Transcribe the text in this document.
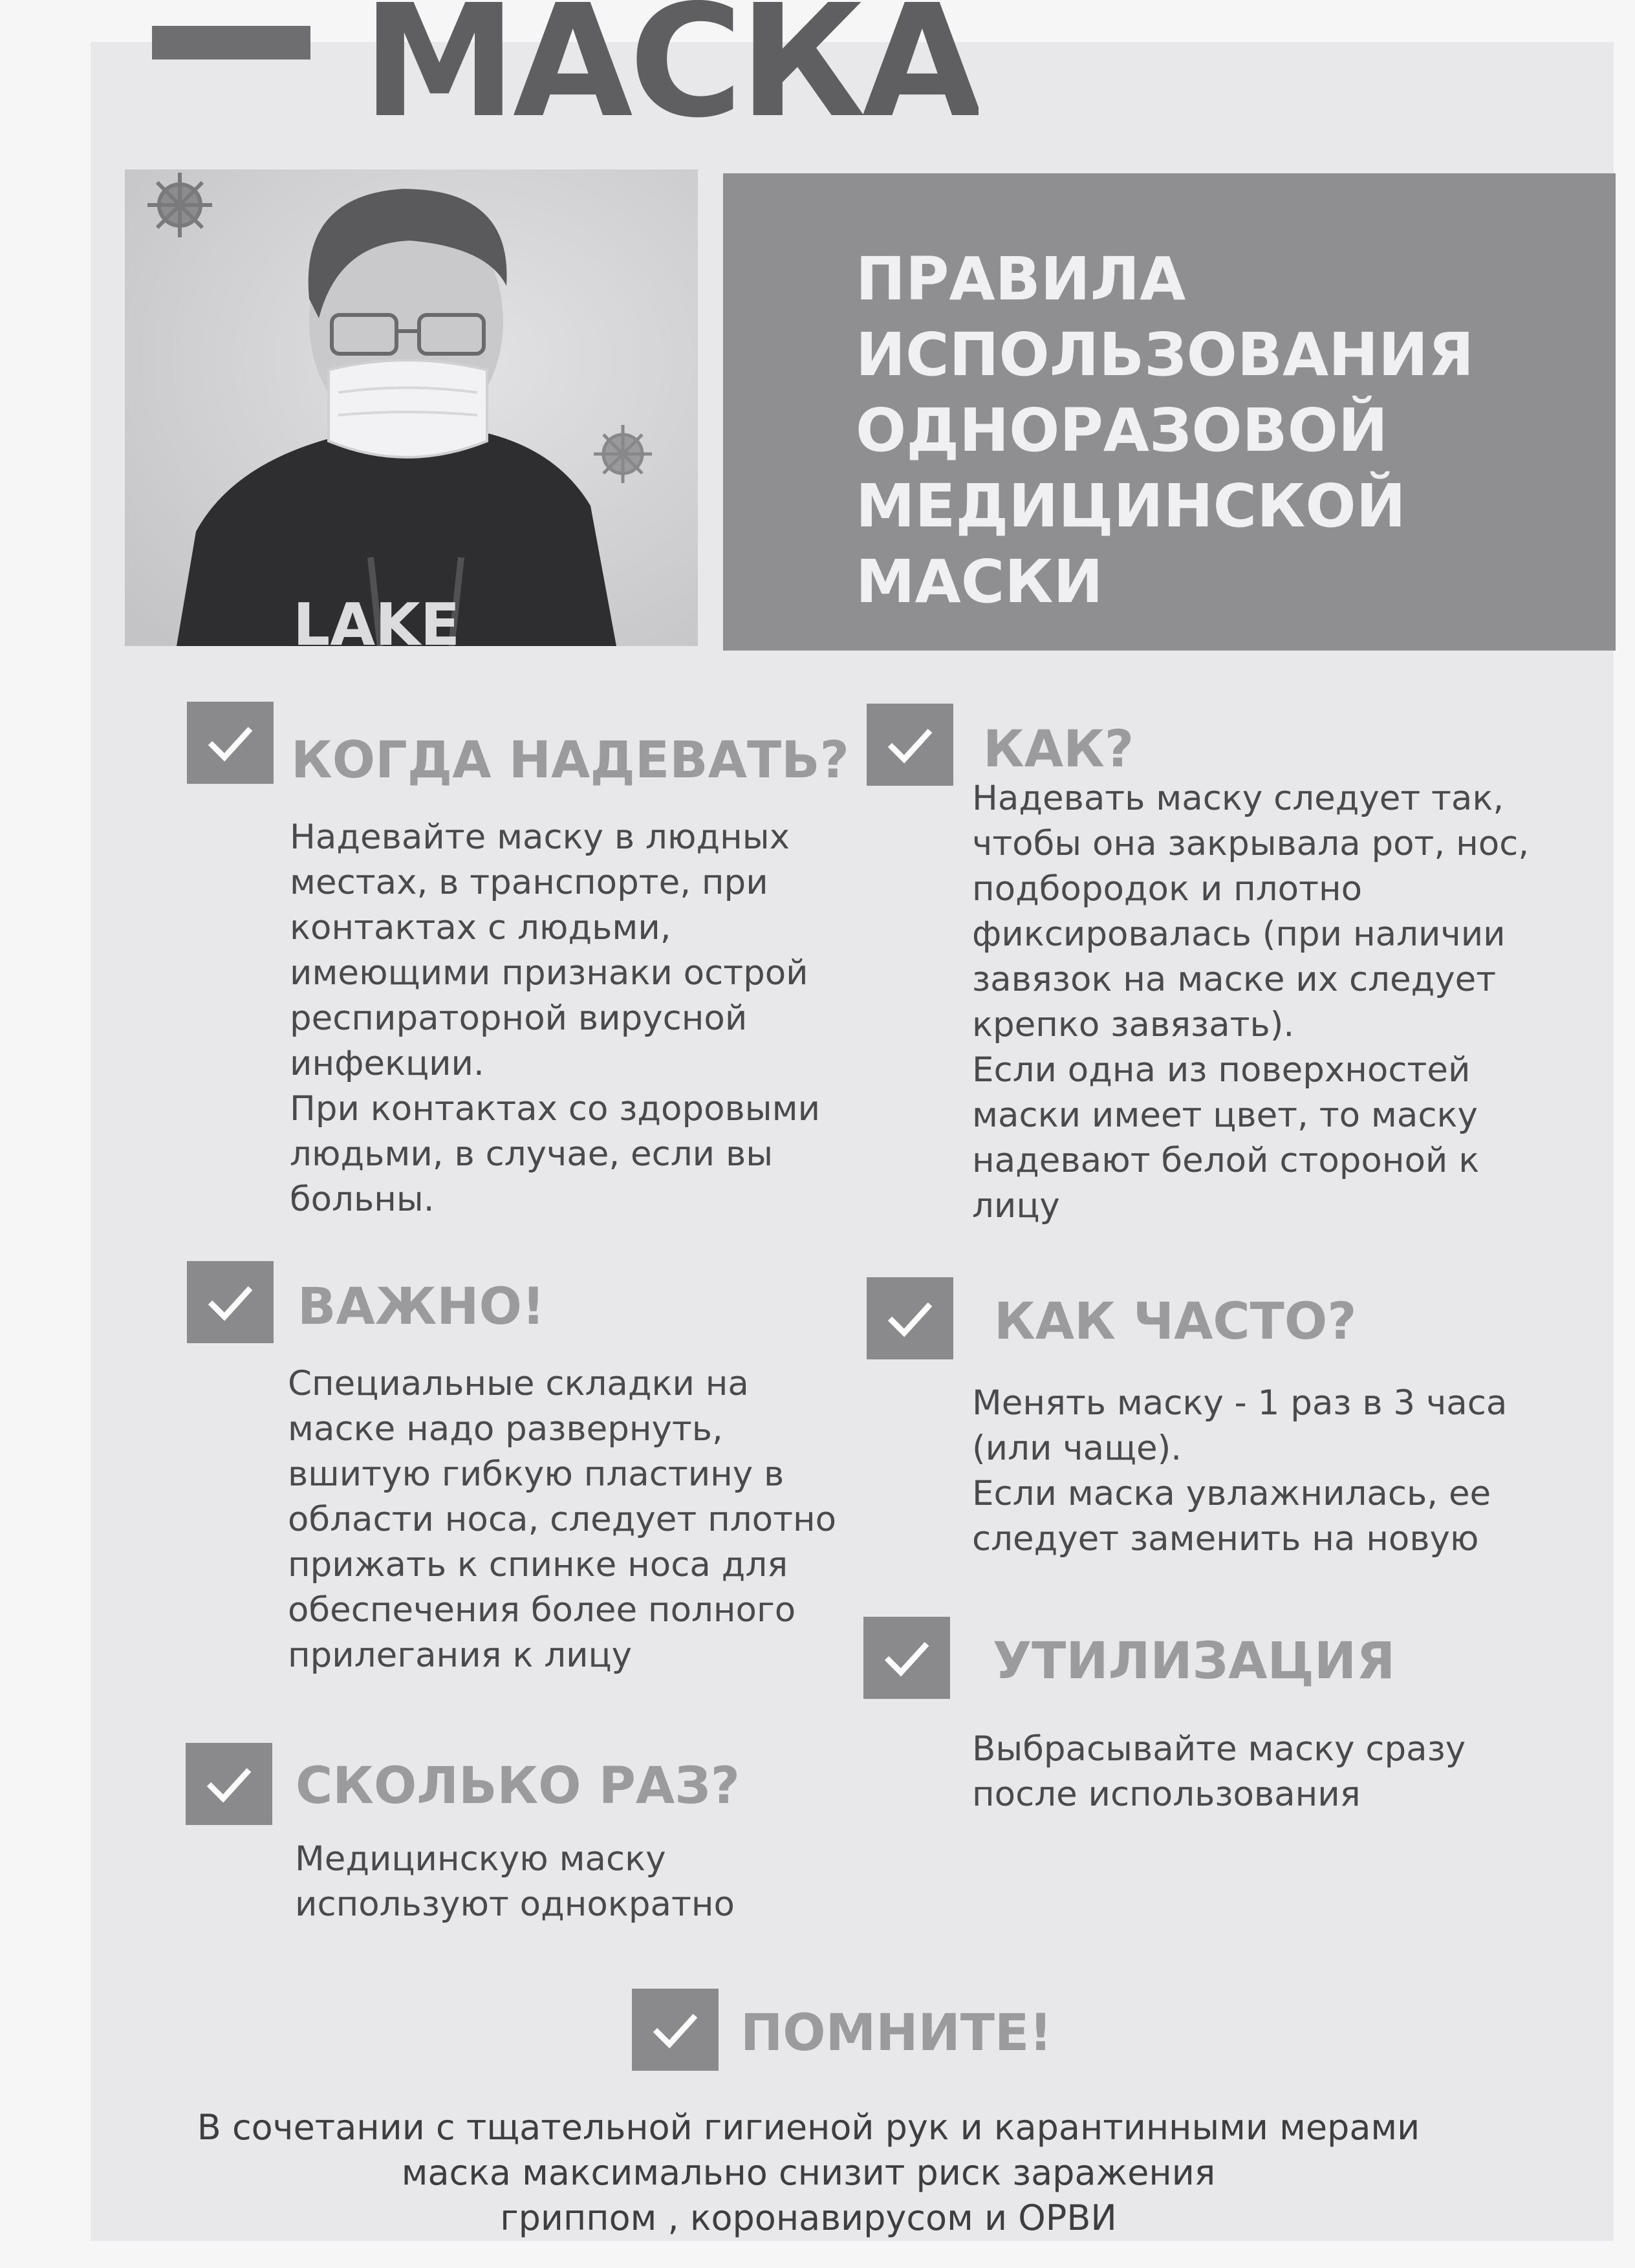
МАСКА
LAKE
ПРАВИЛА
ИСПОЛЬЗОВАНИЯ
ОДНОРАЗОВОЙ
МЕДИЦИНСКОЙ
МАСКИ
КОГДА НАДЕВАТЬ?

Надевайте маску в людных
местах, в транспорте, при
контактах с людьми,
имеющими признаки острой
респираторной вирусной
инфекции.
При контактах со здоровыми
людьми, в случае, если вы
больны.

КАК?

Надевать маску следует так,
чтобы она закрывала рот, нос,
подбородок и плотно
фиксировалась (при наличии
завязок на маске их следует
крепко завязать).
Если одна из поверхностей
маски имеет цвет, то маску
надевают белой стороной к
лицу

ВАЖНО!

Специальные складки на
маске надо развернуть,
вшитую гибкую пластину в
области носа, следует плотно
прижать к спинке носа для
обеспечения более полного
прилегания к лицу

КАК ЧАСТО?

Менять маску - 1 раз в 3 часа
(или чаще).
Если маска увлажнилась, ее
следует заменить на новую

УТИЛИЗАЦИЯ

Выбрасывайте маску сразу
после использования

СКОЛЬКО РАЗ?

Медицинскую маску
используют однократно

ПОМНИТЕ!

В сочетании с тщательной гигиеной рук и карантинными мерами
маска максимально снизит риск заражения
гриппом , коронавирусом и ОРВИ
